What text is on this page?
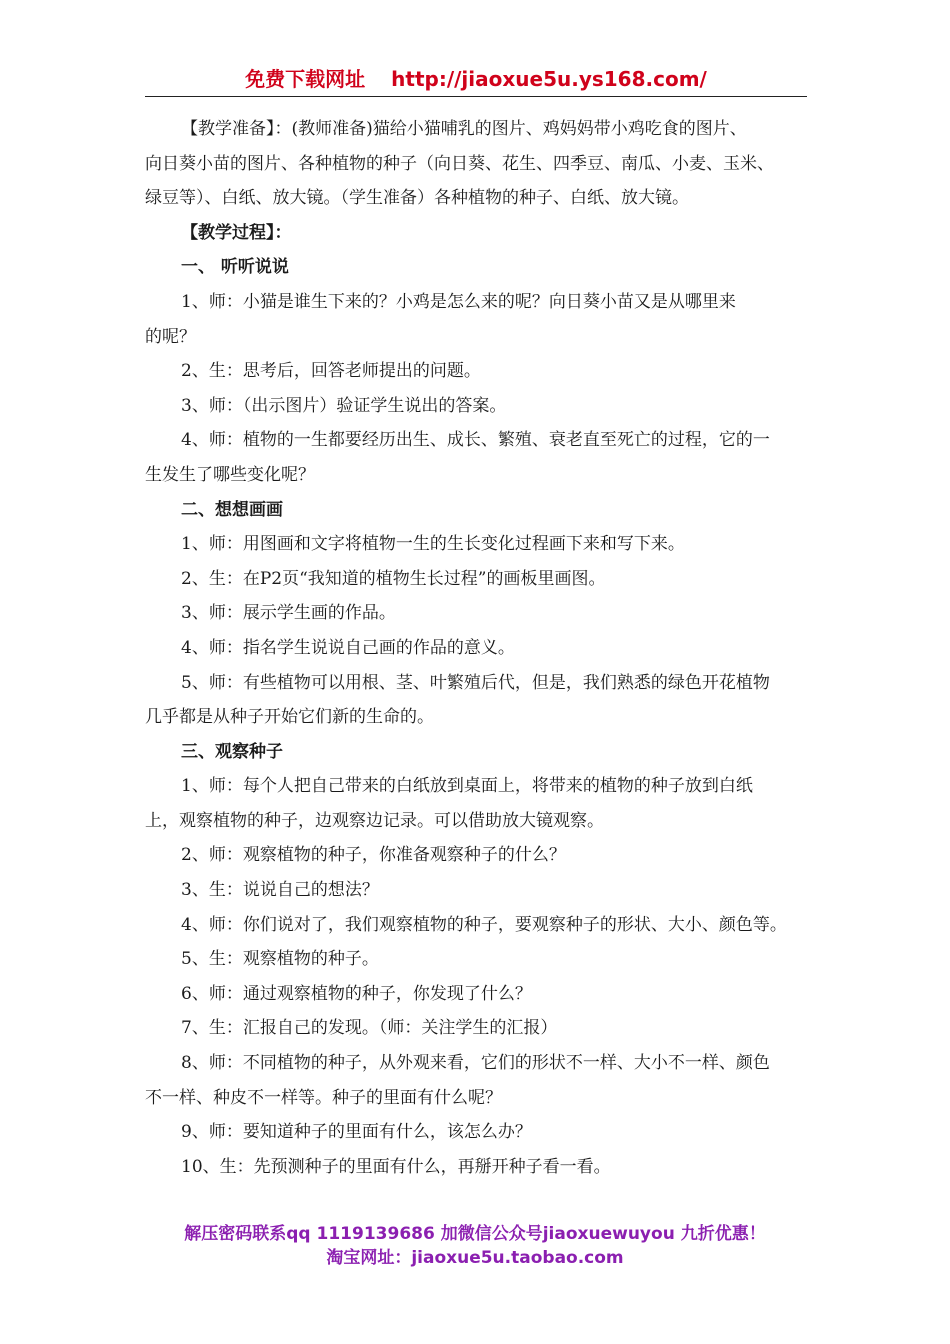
免费下载网址 http://jiaoxue5u.ys168.com/

【教学准备】：(教师准备)猫给小猫哺乳的图片、鸡妈妈带小鸡吃食的图片、

向日葵小苗的图片、各种植物的种子（向日葵、花生、四季豆、南瓜、小麦、玉米、

绿豆等）、白纸、放大镜。（学生准备）各种植物的种子、白纸、放大镜。

【教学过程】：

一、 听听说说

1、师：小猫是谁生下来的？小鸡是怎么来的呢？向日葵小苗又是从哪里来

的呢？

2、生：思考后，回答老师提出的问题。

3、师：（出示图片）验证学生说出的答案。

4、师：植物的一生都要经历出生、成长、繁殖、衰老直至死亡的过程，它的一

生发生了哪些变化呢？

二、想想画画

1、师：用图画和文字将植物一生的生长变化过程画下来和写下来。

2、生：在P2页“我知道的植物生长过程”的画板里画图。

3、师：展示学生画的作品。

4、师：指名学生说说自己画的作品的意义。

5、师：有些植物可以用根、茎、叶繁殖后代，但是，我们熟悉的绿色开花植物

几乎都是从种子开始它们新的生命的。

三、观察种子

1、师：每个人把自己带来的白纸放到桌面上，将带来的植物的种子放到白纸

上，观察植物的种子，边观察边记录。可以借助放大镜观察。

2、师：观察植物的种子，你准备观察种子的什么？

3、生：说说自己的想法？

4、师：你们说对了，我们观察植物的种子，要观察种子的形状、大小、颜色等。

5、生：观察植物的种子。

6、师：通过观察植物的种子，你发现了什么？

7、生：汇报自己的发现。（师：关注学生的汇报）

8、师：不同植物的种子，从外观来看，它们的形状不一样、大小不一样、颜色

不一样、种皮不一样等。种子的里面有什么呢？

9、师：要知道种子的里面有什么，该怎么办？

10、生：先预测种子的里面有什么，再掰开种子看一看。

解压密码联系qq 1119139686 加微信公众号jiaoxuewuyou 九折优惠！
淘宝网址：jiaoxue5u.taobao.com
